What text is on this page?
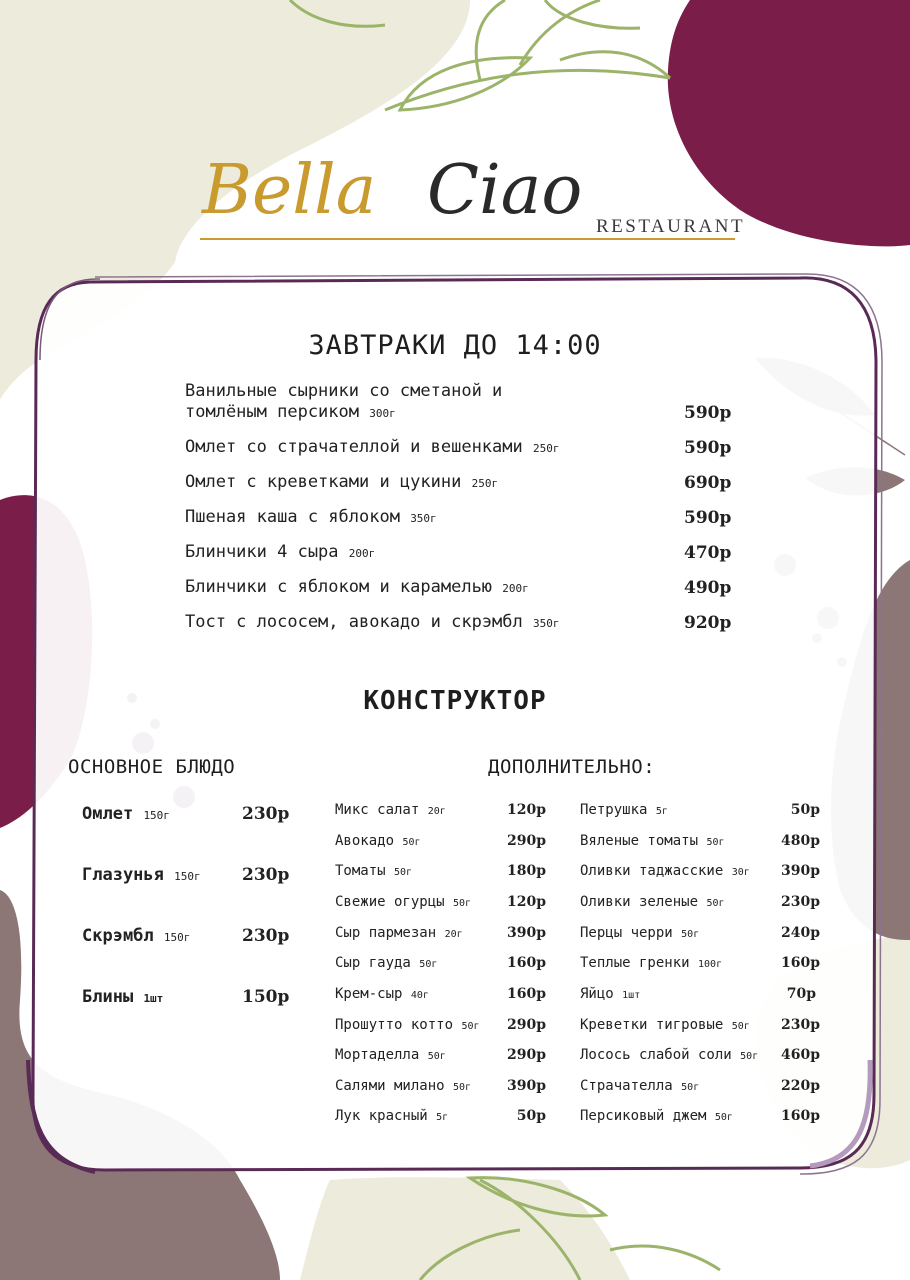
Bella Ciao RESTAURANT
ЗАВТРАКИ ДО 14:00
Ванильные сырники со сметаной и
томлёным персиком 300г	590р
Омлет со страчателлой и вешенками 250г	590р
Омлет с креветками и цукини 250г	690р
Пшеная каша с яблоком 350г	590р
Блинчики 4 сыра 200г	470р
Блинчики с яблоком и карамелью 200г	490р
Тост с лососем, авокадо и скрэмбл 350г	920р
КОНСТРУКТОР
ОСНОВНОЕ БЛЮДО	ДОПОЛНИТЕЛЬНО:
Омлет 150г	230р
Глазунья 150г 230р
Скрэмбл 150г	230р
Блины 1шт	150р
Микс салат 20г	120р
Авокадо 50г	290р
Томаты 50г	180р
Свежие огурцы 50г	120р
Сыр пармезан 20г	390р
Сыр гауда 50г	160р
Крем-сыр 40г	160р
Прошутто котто 50г	290р
Мортаделла 50г	290р
Салями милано 50г	390р
Лук красный 5г	50р
Петрушка 5г	50р
Вяленые томаты 50г	480р
Оливки таджасские 30г	390р
Оливки зеленые 50г	230р
Перцы черри 50г	240р
Теплые гренки 100г	160р
Яйцо 1шт	70р
Креветки тигровые 50г	230р
Лосось слабой соли 50г	460р
Страчателла 50г	220р
Персиковый джем 50г	160р
